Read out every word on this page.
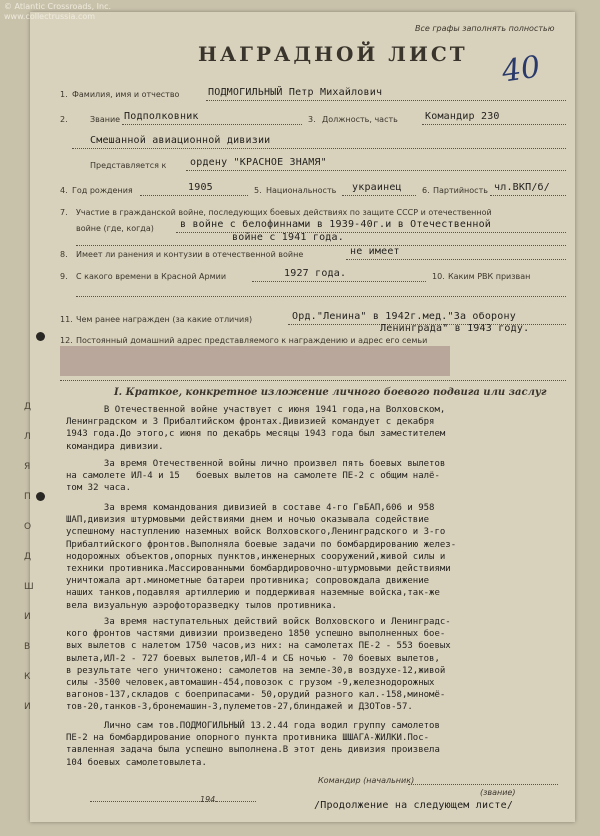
© Atlantic Crossroads, Inc.
www.collectrussia.com
Все графы заполнять полностью
НАГРАДНОЙ ЛИСТ 40
Д Л Я П О Д Ш И В К И
1. Фамилия, имя и отчество	ПОДМОГИЛЬНЫЙ Петр Михайлович
2.	Звание Подполковник	3. Должность, часть	Командир 230
Смешанной авиационной дивизии
Представляется к ордену "КРАСНОЕ ЗНАМЯ"
4. Год рождения	1905	5. Национальность украинец	6. Партийность чл.ВКП/б/
7. Участие в гражданской войне, последующих боевых действиях по защите СССР и отечественной
войне (где, когда)	в войне с белофиннами в 1939-40г.и в Отечественной
войне с 1941 года.
8. Имеет ли ранения и контузии в отечественной войне	не имеет
9. С какого времени в Красной Армии	1927 года.	10. Каким РВК призван
11. Чем ранее награжден (за какие отличия)	Орд."Ленина" в 1942г.мед."За оборону
Ленинграда" в 1943 году.
12. Постоянный домашний адрес представляемого к награждению и адрес его семьи
I. Краткое, конкретное изложение личного боевого подвига или заслуг
В Отечественной войне участвует с июня 1941 года,на Волховском,
Ленинградском и 3 Прибалтийском фронтах.Дивизией командует с декабря
1943 года.До этого,с июня по декабрь месяцы 1943 года был заместителем
командира дивизии.
За время Отечественной войны лично произвел пять боевых вылетов
на самолете ИЛ-4 и 15   боевых вылетов на самолете ПЕ-2 с общим налё-
том 32 часа.
За время командования дивизией в составе 4-го ГвБАП,606 и 958
ШАП,дивизия штурмовыми действиями днем и ночью оказывала содействие
успешному наступлению наземных войск Волховского,Ленинградского и 3-го
Прибалтийского фронтов.Выполняла боевые задачи по бомбардированию желез-
нодорожных объектов,опорных пунктов,инженерных сооружений,живой силы и
техники противника.Массированными бомбардировочно-штурмовыми действиями
уничтожала арт.минометные батареи противника; сопровождала движение
наших танков,подавляя артиллерию и поддерживая наземные войска,так-же
вела визуальную аэрофоторазведку тылов противника.
За время наступательных действий войск Волховского и Ленинградс-
кого фронтов частями дивизии произведено 1850 успешно выполненных бое-
вых вылетов с налетом 1750 часов,из них: на самолетах ПЕ-2 - 553 боевых
вылета,ИЛ-2 - 727 боевых вылетов,ИЛ-4 и СБ ночью - 70 боевых вылетов,
в результате чего уничтожено: самолетов на земле-30,в воздухе-12,живой
силы -3500 человек,автомашин-454,повозок с грузом -9,железнодорожных
вагонов-137,складов с боеприпасами- 50,орудий разного кал.-158,миномё-
тов-20,танков-3,бронемашин-3,пулеметов-27,блиндажей и ДЗОТов-57.
Лично сам тов.ПОДМОГИЛЬНЫЙ 13.2.44 года водил группу самолетов
ПЕ-2 на бомбардирование опорного пункта противника ШШАГА-ЖИЛКИ.Пос-
тавленная задача была успешно выполнена.В этот день дивизия произвела
104 боевых самолетовылета.
Командир (начальник)
(звание)
194
/Продолжение на следующем листе/
